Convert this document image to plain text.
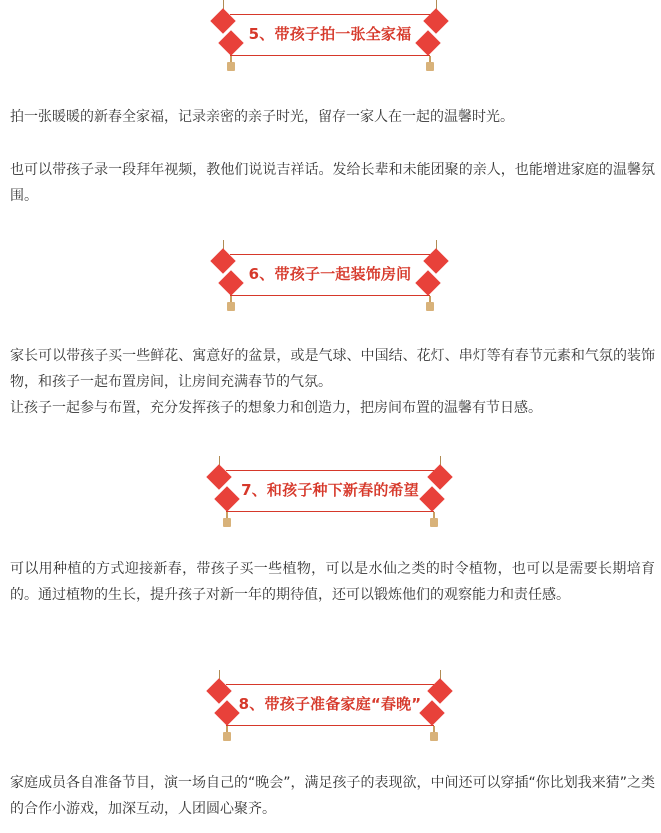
5、带孩子拍一张全家福

拍一张暖暖的新春全家福，记录亲密的亲子时光，留存一家人在一起的温馨时光。

也可以带孩子录一段拜年视频，教他们说说吉祥话。发给长辈和未能团聚的亲人，也能增进家庭的温馨氛围。

6、带孩子一起装饰房间

家长可以带孩子买一些鲜花、寓意好的盆景，或是气球、中国结、花灯、串灯等有春节元素和气氛的装饰物，和孩子一起布置房间，让房间充满春节的气氛。

让孩子一起参与布置，充分发挥孩子的想象力和创造力，把房间布置的温馨有节日感。

7、和孩子种下新春的希望

可以用种植的方式迎接新春，带孩子买一些植物，可以是水仙之类的时令植物，也可以是需要长期培育的。通过植物的生长，提升孩子对新一年的期待值，还可以锻炼他们的观察能力和责任感。

8、带孩子准备家庭“春晚”

家庭成员各自准备节目，演一场自己的“晚会”，满足孩子的表现欲，中间还可以穿插“你比划我来猜”之类的合作小游戏，加深互动，人团圆心聚齐。
